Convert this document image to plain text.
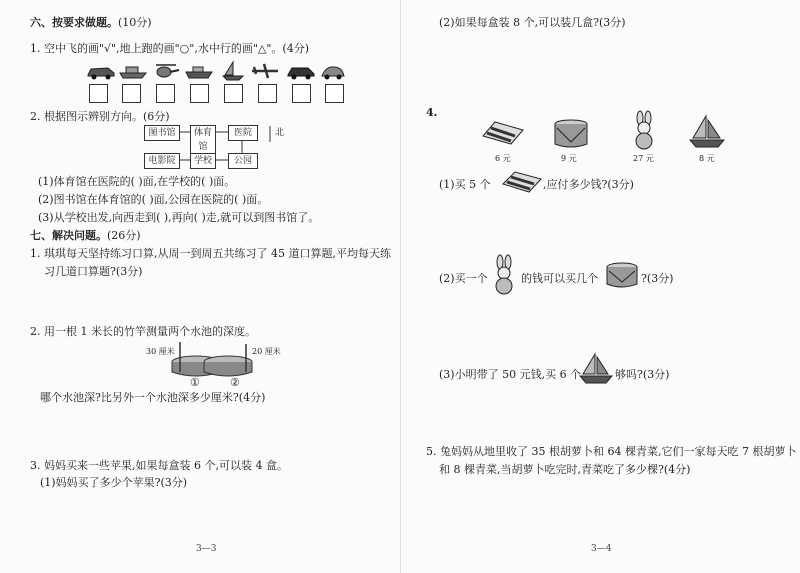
六、按要求做题。(10分)
1. 空中飞的画"√",地上跑的画"○",水中行的画"△"。(4分)
2. 根据图示辨别方向。(6分)
图书馆	体育馆
医院
电影院	学校	公园
北
(1)体育馆在医院的( )面,在学校的( )面。
(2)图书馆在体育馆的( )面,公园在医院的( )面。
(3)从学校出发,向西走到( ),再向( )走,就可以到图书馆了。
七、解决问题。(26分)
1. 琪琪每天坚持练习口算,从周一到周五共练习了 45 道口算题,平均每天练
习几道口算题?(3分)
2. 用一根 1 米长的竹竿测量两个水池的深度。
30 厘米	20 厘米
①	②
哪个水池深?比另外一个水池深多少厘米?(4分)
3. 妈妈买来一些苹果,如果每盒装 6 个,可以装 4 盒。
(1)妈妈买了多少个苹果?(3分)
3—3
(2)如果每盒装 8 个,可以装几盒?(3分)
4.
6 元	9 元	27 元	8 元
(1)买 5 个	,应付多少钱?(3分)
(2)买一个	的钱可以买几个	?(3分)
(3)小明带了 50 元钱,买 6 个	够吗?(3分)
5. 兔妈妈从地里收了 35 根胡萝卜和 64 棵青菜,它们一家每天吃 7 根胡萝卜
和 8 棵青菜,当胡萝卜吃完时,青菜吃了多少棵?(4分)
3—4
